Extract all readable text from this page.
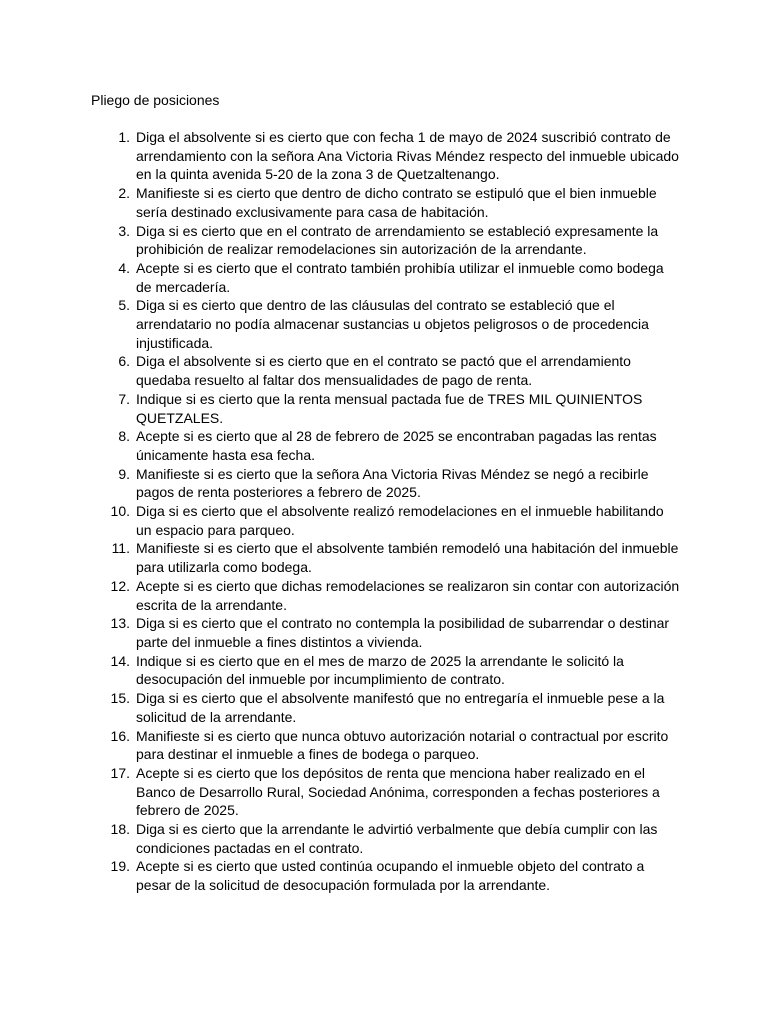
Pliego de posiciones
1. Diga el absolvente si es cierto que con fecha 1 de mayo de 2024 suscribió contrato de arrendamiento con la señora Ana Victoria Rivas Méndez respecto del inmueble ubicado en la quinta avenida 5-20 de la zona 3 de Quetzaltenango.
2. Manifieste si es cierto que dentro de dicho contrato se estipuló que el bien inmueble sería destinado exclusivamente para casa de habitación.
3. Diga si es cierto que en el contrato de arrendamiento se estableció expresamente la prohibición de realizar remodelaciones sin autorización de la arrendante.
4. Acepte si es cierto que el contrato también prohibía utilizar el inmueble como bodega de mercadería.
5. Diga si es cierto que dentro de las cláusulas del contrato se estableció que el arrendatario no podía almacenar sustancias u objetos peligrosos o de procedencia injustificada.
6. Diga el absolvente si es cierto que en el contrato se pactó que el arrendamiento quedaba resuelto al faltar dos mensualidades de pago de renta.
7. Indique si es cierto que la renta mensual pactada fue de TRES MIL QUINIENTOS QUETZALES.
8. Acepte si es cierto que al 28 de febrero de 2025 se encontraban pagadas las rentas únicamente hasta esa fecha.
9. Manifieste si es cierto que la señora Ana Victoria Rivas Méndez se negó a recibirle pagos de renta posteriores a febrero de 2025.
10. Diga si es cierto que el absolvente realizó remodelaciones en el inmueble habilitando un espacio para parqueo.
11. Manifieste si es cierto que el absolvente también remodeló una habitación del inmueble para utilizarla como bodega.
12. Acepte si es cierto que dichas remodelaciones se realizaron sin contar con autorización escrita de la arrendante.
13. Diga si es cierto que el contrato no contempla la posibilidad de subarrendar o destinar parte del inmueble a fines distintos a vivienda.
14. Indique si es cierto que en el mes de marzo de 2025 la arrendante le solicitó la desocupación del inmueble por incumplimiento de contrato.
15. Diga si es cierto que el absolvente manifestó que no entregaría el inmueble pese a la solicitud de la arrendante.
16. Manifieste si es cierto que nunca obtuvo autorización notarial o contractual por escrito para destinar el inmueble a fines de bodega o parqueo.
17. Acepte si es cierto que los depósitos de renta que menciona haber realizado en el Banco de Desarrollo Rural, Sociedad Anónima, corresponden a fechas posteriores a febrero de 2025.
18. Diga si es cierto que la arrendante le advirtió verbalmente que debía cumplir con las condiciones pactadas en el contrato.
19. Acepte si es cierto que usted continúa ocupando el inmueble objeto del contrato a pesar de la solicitud de desocupación formulada por la arrendante.
